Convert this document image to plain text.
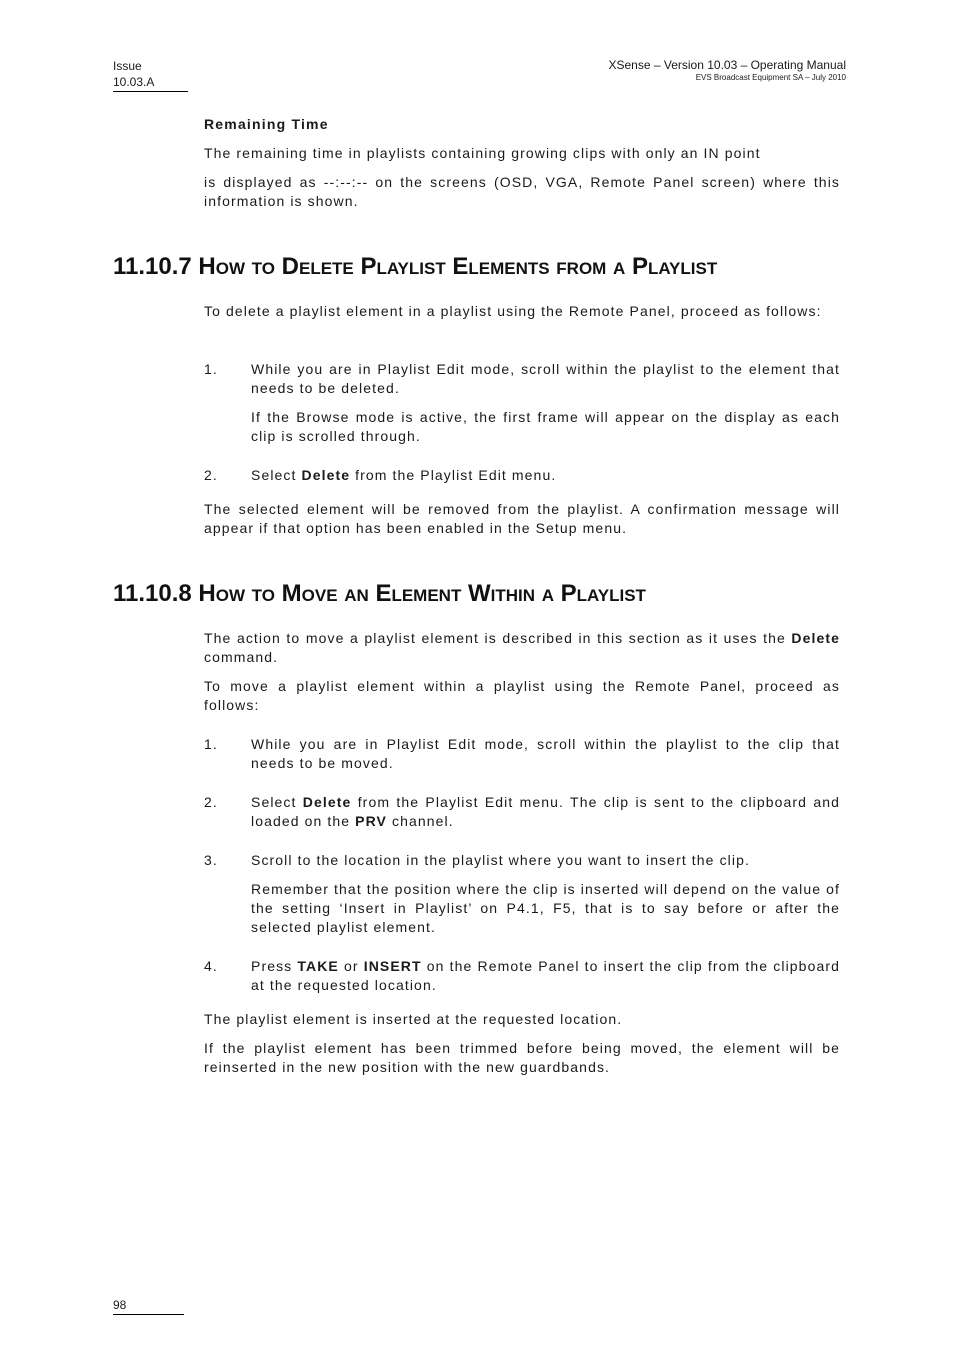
Issue
10.03.A
XSense – Version 10.03 – Operating Manual
EVS Broadcast Equipment SA – July 2010
Remaining Time

The remaining time in playlists containing growing clips with only an IN point

is displayed as --:--:-- on the screens (OSD, VGA, Remote Panel screen) where this information is shown.

11.10.7 How to Delete Playlist Elements from a Playlist

To delete a playlist element in a playlist using the Remote Panel, proceed as follows:

1. While you are in Playlist Edit mode, scroll within the playlist to the element that needs to be deleted.
If the Browse mode is active, the first frame will appear on the display as each clip is scrolled through.
2. Select Delete from the Playlist Edit menu.

The selected element will be removed from the playlist. A confirmation message will appear if that option has been enabled in the Setup menu.

11.10.8 How to Move an Element Within a Playlist

The action to move a playlist element is described in this section as it uses the Delete command.

To move a playlist element within a playlist using the Remote Panel, proceed as follows:

1. While you are in Playlist Edit mode, scroll within the playlist to the clip that needs to be moved.
2. Select Delete from the Playlist Edit menu. The clip is sent to the clipboard and loaded on the PRV channel.
3. Scroll to the location in the playlist where you want to insert the clip.
Remember that the position where the clip is inserted will depend on the value of the setting ‘Insert in Playlist’ on P4.1, F5, that is to say before or after the selected playlist element.
4. Press TAKE or INSERT on the Remote Panel to insert the clip from the clipboard at the requested location.

The playlist element is inserted at the requested location.

If the playlist element has been trimmed before being moved, the element will be reinserted in the new position with the new guardbands.

98
